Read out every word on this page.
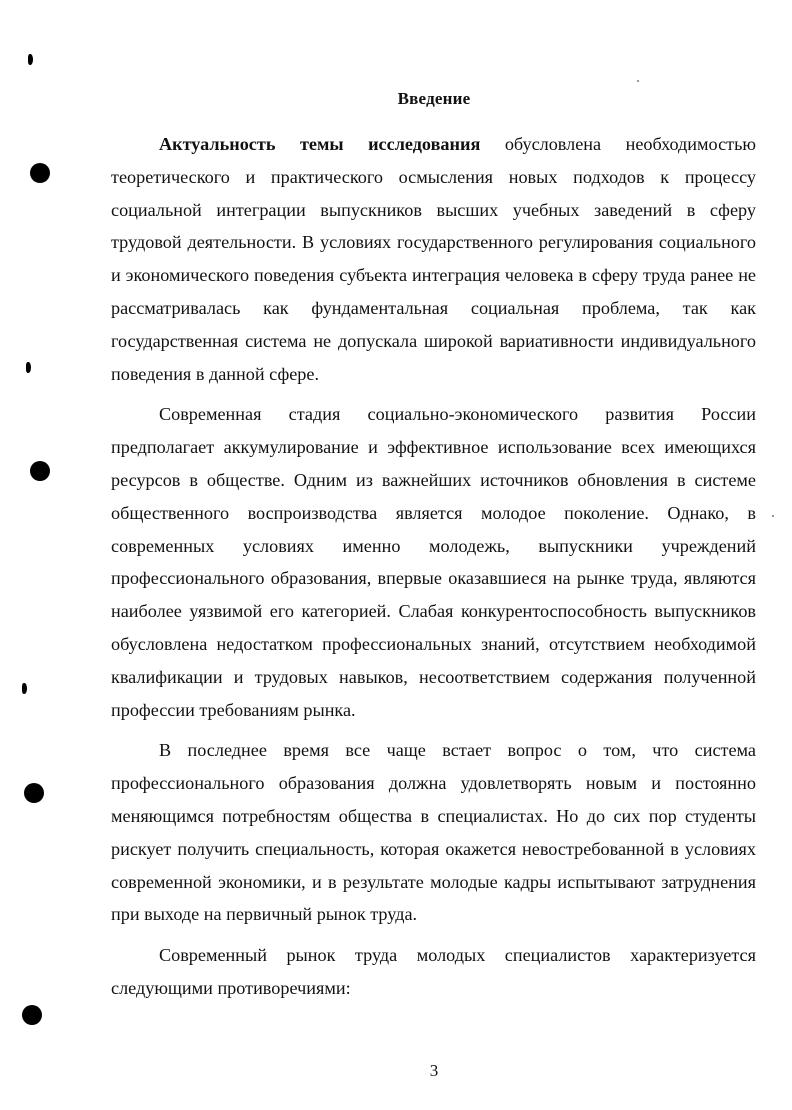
Введение

Актуальность темы исследования обусловлена необходимостью теоретического и практического осмысления новых подходов к процессу социальной интеграции выпускников высших учебных заведений в сферу трудовой деятельности. В условиях государственного регулирования социального и экономического поведения субъекта интеграция человека в сферу труда ранее не рассматривалась как фундаментальная социальная проблема, так как государственная система не допускала широкой вариативности индивидуального поведения в данной сфере.

Современная стадия социально-экономического развития России предполагает аккумулирование и эффективное использование всех имеющихся ресурсов в обществе. Одним из важнейших источников обновления в системе общественного воспроизводства является молодое поколение. Однако, в современных условиях именно молодежь, выпускники учреждений профессионального образования, впервые оказавшиеся на рынке труда, являются наиболее уязвимой его категорией. Слабая конкурентоспособность выпускников обусловлена недостатком профессиональных знаний, отсутствием необходимой квалификации и трудовых навыков, несоответствием содержания полученной профессии требованиям рынка.

В последнее время все чаще встает вопрос о том, что система профессионального образования должна удовлетворять новым и постоянно меняющимся потребностям общества в специалистах. Но до сих пор студенты рискует получить специальность, которая окажется невостребованной в условиях современной экономики, и в результате молодые кадры испытывают затруднения при выходе на первичный рынок труда.

Современный рынок труда молодых специалистов характеризуется следующими противоречиями:

3
